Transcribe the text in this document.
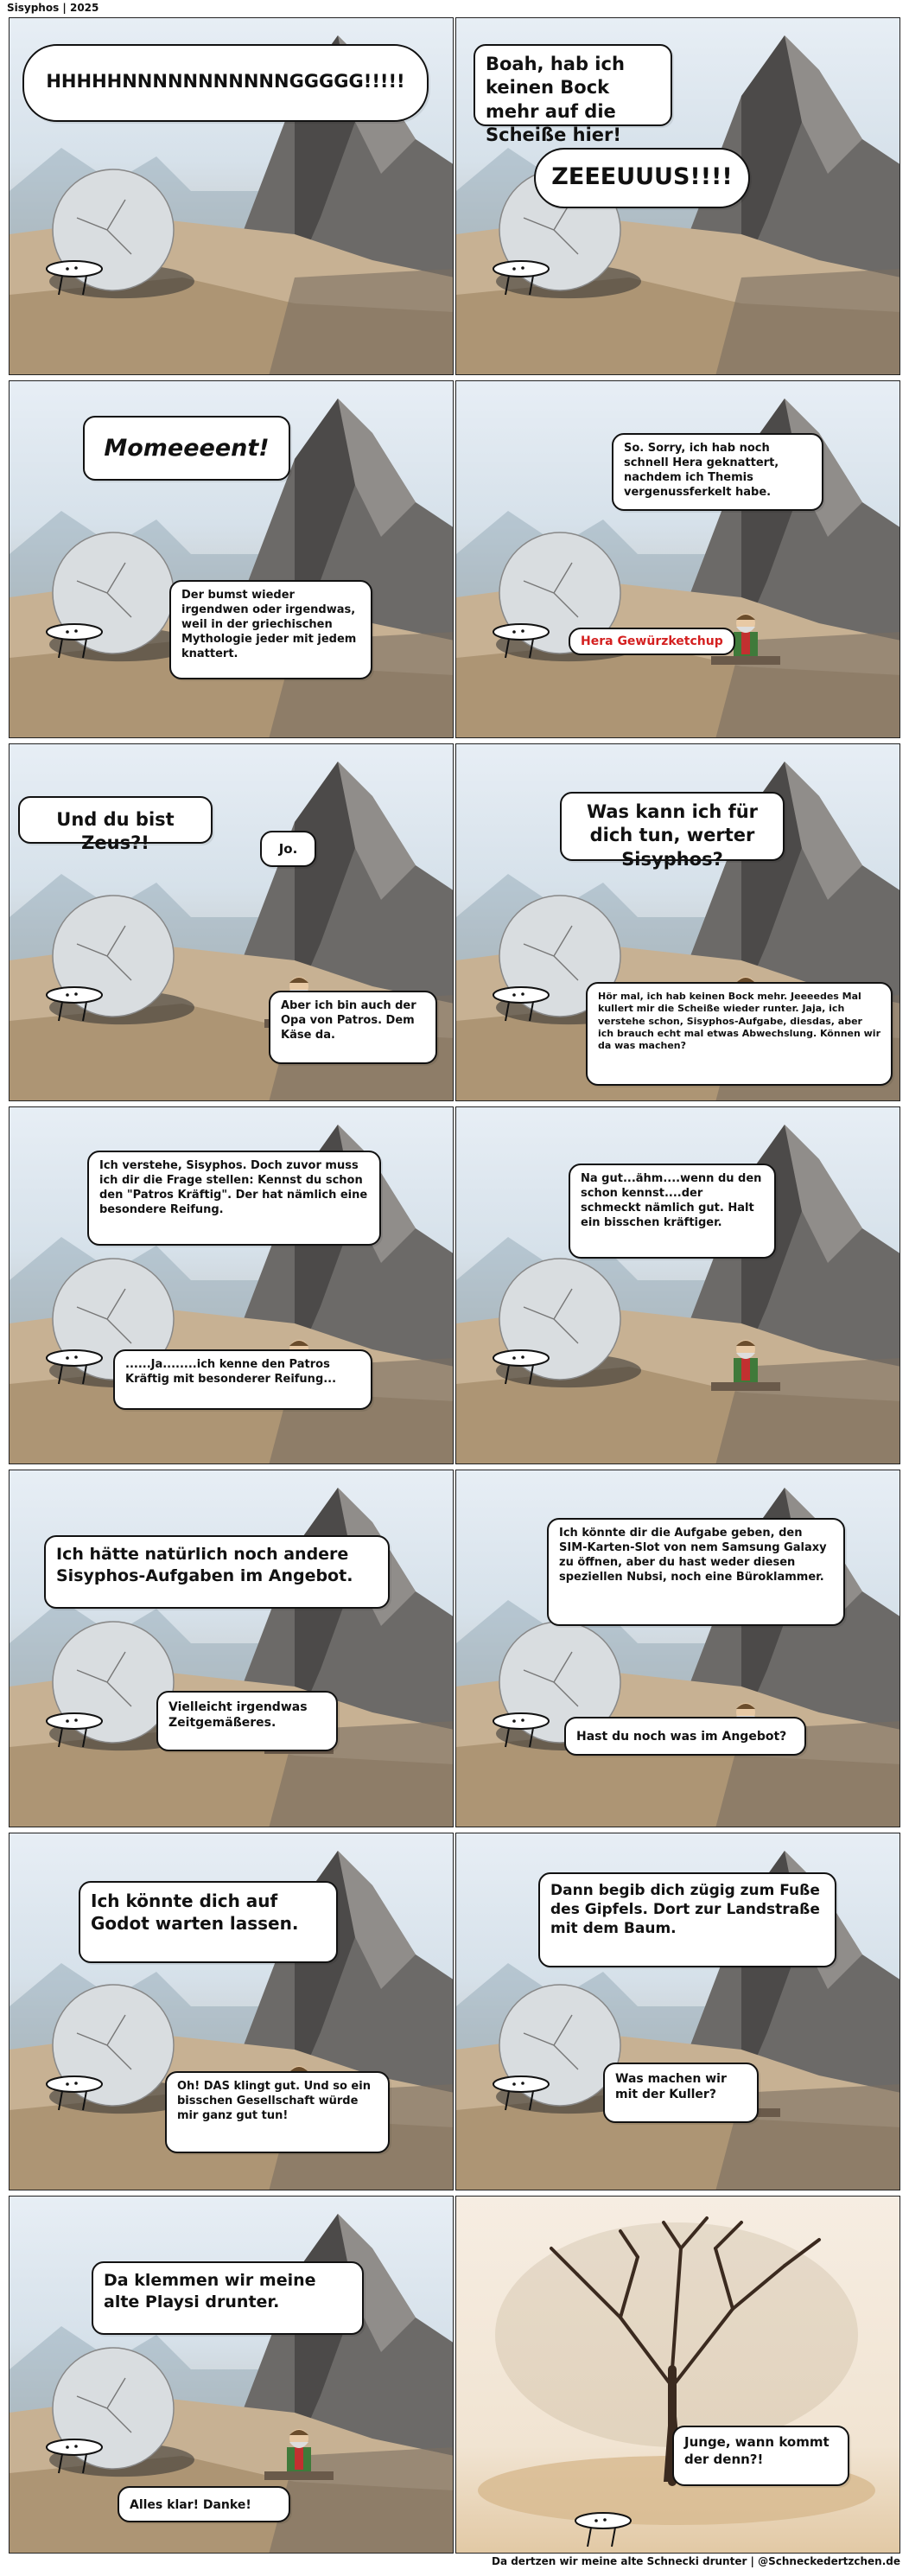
Sisyphos | 2025
HHHHHNNNNNNNNNNNGGGGG!!!!!
Boah, hab ich keinen Bock mehr auf die Scheiße hier!
ZEEEUUUS!!!!
Momeeeent!
Der bumst wieder irgendwen oder irgendwas, weil in der griechischen Mythologie jeder mit jedem knattert.
So. Sorry, ich hab noch schnell Hera geknattert, nachdem ich Themis vergenussferkelt habe.
Hera Gewürzketchup
Und du bist Zeus?!	Jo.
Aber ich bin auch der Opa von Patros. Dem Käse da.
Was kann ich für dich tun, werter Sisyphos?
Hör mal, ich hab keinen Bock mehr. Jeeeedes Mal kullert mir die Scheiße wieder runter. Jaja, ich verstehe schon, Sisyphos-Aufgabe, diesdas, aber ich brauch echt mal etwas Abwechslung. Können wir da was machen?
Ich verstehe, Sisyphos. Doch zuvor muss ich dir die Frage stellen: Kennst du schon den "Patros Kräftig". Der hat nämlich eine besondere Reifung.
......Ja........ich kenne den Patros Kräftig mit besonderer Reifung...
Na gut...ähm....wenn du den schon kennst....der schmeckt nämlich gut. Halt ein bisschen kräftiger.
Ich hätte natürlich noch andere Sisyphos-Aufgaben im Angebot.
Vielleicht irgendwas Zeitgemäßeres.
Ich könnte dir die Aufgabe geben, den SIM-Karten-Slot von nem Samsung Galaxy zu öffnen, aber du hast weder diesen speziellen Nubsi, noch eine Büroklammer.
Hast du noch was im Angebot?
Ich könnte dich auf Godot warten lassen.
Oh! DAS klingt gut. Und so ein bisschen Gesellschaft würde mir ganz gut tun!
Dann begib dich zügig zum Fuße des Gipfels. Dort zur Landstraße mit dem Baum.
Was machen wir mit der Kuller?
Da klemmen wir meine alte Playsi drunter.
Alles klar! Danke!
Junge, wann kommt der denn?!
Da dertzen wir meine alte Schnecki drunter | @Schneckedertzchen.de
